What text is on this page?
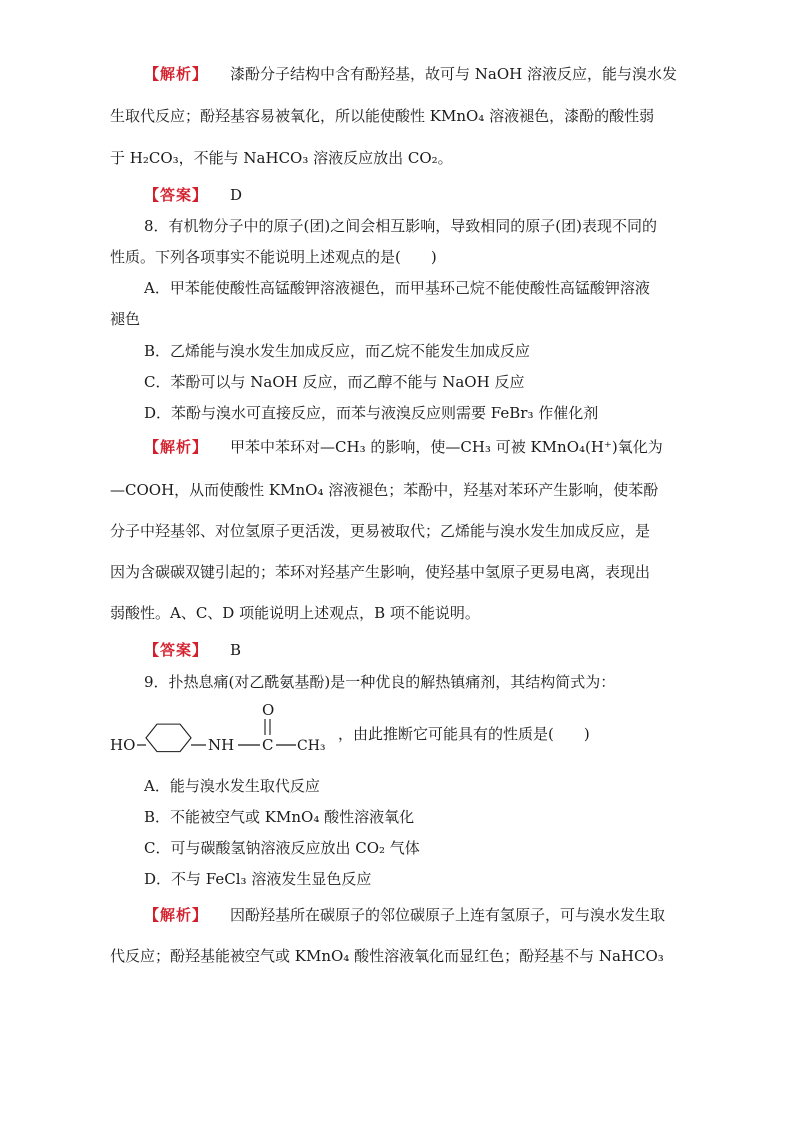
【解析】 漆酚分子结构中含有酚羟基，故可与 NaOH 溶液反应，能与溴水发
生取代反应；酚羟基容易被氧化，所以能使酸性 KMnO₄ 溶液褪色，漆酚的酸性弱
于 H₂CO₃，不能与 NaHCO₃ 溶液反应放出 CO₂。
【答案】 D
8．有机物分子中的原子(团)之间会相互影响，导致相同的原子(团)表现不同的
性质。下列各项事实不能说明上述观点的是(　　)
A．甲苯能使酸性高锰酸钾溶液褪色，而甲基环己烷不能使酸性高锰酸钾溶液
褪色
B．乙烯能与溴水发生加成反应，而乙烷不能发生加成反应
C．苯酚可以与 NaOH 反应，而乙醇不能与 NaOH 反应
D．苯酚与溴水可直接反应，而苯与液溴反应则需要 FeBr₃ 作催化剂
【解析】 甲苯中苯环对—CH₃ 的影响，使—CH₃ 可被 KMnO₄(H⁺)氧化为
—COOH，从而使酸性 KMnO₄ 溶液褪色；苯酚中，羟基对苯环产生影响，使苯酚
分子中羟基邻、对位氢原子更活泼，更易被取代；乙烯能与溴水发生加成反应，是
因为含碳碳双键引起的；苯环对羟基产生影响，使羟基中氢原子更易电离，表现出
弱酸性。A、C、D 项能说明上述观点，B 项不能说明。
【答案】 B
9．扑热息痛(对乙酰氨基酚)是一种优良的解热镇痛剂，其结构简式为：
HO	NH C
O
CH₃
，由此推断它可能具有的性质是(　　)
A．能与溴水发生取代反应
B．不能被空气或 KMnO₄ 酸性溶液氧化
C．可与碳酸氢钠溶液反应放出 CO₂ 气体
D．不与 FeCl₃ 溶液发生显色反应
【解析】 因酚羟基所在碳原子的邻位碳原子上连有氢原子，可与溴水发生取
代反应；酚羟基能被空气或 KMnO₄ 酸性溶液氧化而显红色；酚羟基不与 NaHCO₃
